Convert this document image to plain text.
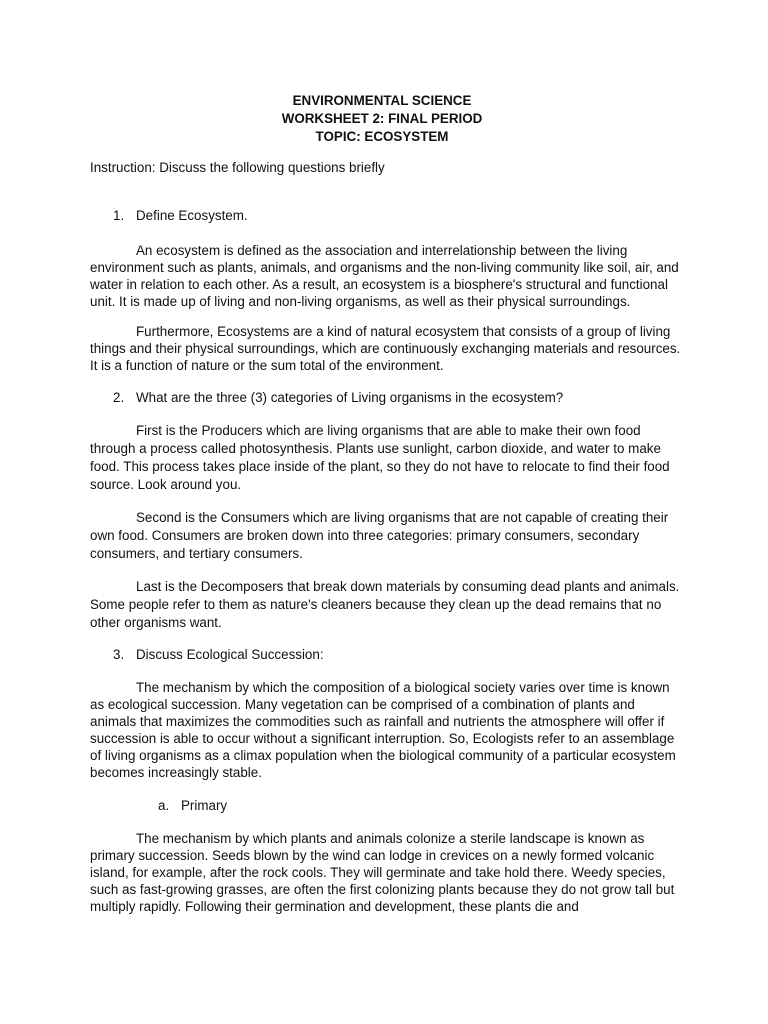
ENVIRONMENTAL SCIENCE
WORKSHEET 2: FINAL PERIOD
TOPIC: ECOSYSTEM
Instruction: Discuss the following questions briefly
1. Define Ecosystem.

An ecosystem is defined as the association and interrelationship between the living environment such as plants, animals, and organisms and the non-living community like soil, air, and water in relation to each other. As a result, an ecosystem is a biosphere's structural and functional unit. It is made up of living and non-living organisms, as well as their physical surroundings.

Furthermore, Ecosystems are a kind of natural ecosystem that consists of a group of living things and their physical surroundings, which are continuously exchanging materials and resources. It is a function of nature or the sum total of the environment.

2. What are the three (3) categories of Living organisms in the ecosystem?

First is the Producers which are living organisms that are able to make their own food through a process called photosynthesis. Plants use sunlight, carbon dioxide, and water to make food. This process takes place inside of the plant, so they do not have to relocate to find their food source. Look around you.

Second is the Consumers which are living organisms that are not capable of creating their own food. Consumers are broken down into three categories: primary consumers, secondary consumers, and tertiary consumers.

Last is the Decomposers that break down materials by consuming dead plants and animals. Some people refer to them as nature's cleaners because they clean up the dead remains that no other organisms want.

3. Discuss Ecological Succession:

The mechanism by which the composition of a biological society varies over time is known as ecological succession. Many vegetation can be comprised of a combination of plants and animals that maximizes the commodities such as rainfall and nutrients the atmosphere will offer if succession is able to occur without a significant interruption. So, Ecologists refer to an assemblage of living organisms as a climax population when the biological community of a particular ecosystem becomes increasingly stable.

a. Primary

The mechanism by which plants and animals colonize a sterile landscape is known as primary succession. Seeds blown by the wind can lodge in crevices on a newly formed volcanic island, for example, after the rock cools. They will germinate and take hold there. Weedy species, such as fast-growing grasses, are often the first colonizing plants because they do not grow tall but multiply rapidly. Following their germination and development, these plants die and
